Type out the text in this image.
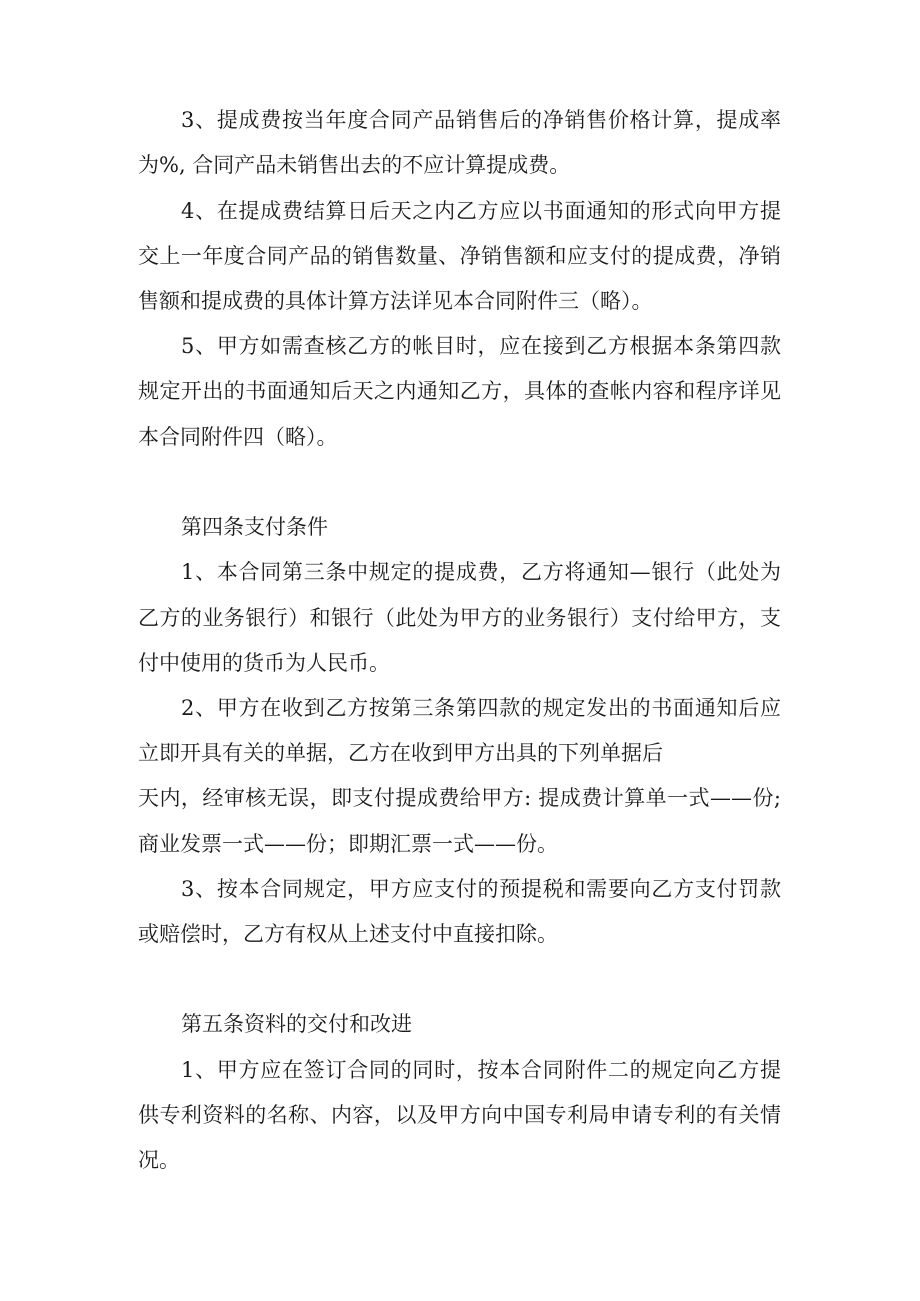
3、提成费按当年度合同产品销售后的净销售价格计算，提成率
为%, 合同产品未销售出去的不应计算提成费。
4、在提成费结算日后天之内乙方应以书面通知的形式向甲方提
交上一年度合同产品的销售数量、净销售额和应支付的提成费，净销
售额和提成费的具体计算方法详见本合同附件三（略）。
5、甲方如需查核乙方的帐目时，应在接到乙方根据本条第四款
规定开出的书面通知后天之内通知乙方，具体的查帐内容和程序详见
本合同附件四（略）。
第四条支付条件
1、本合同第三条中规定的提成费，乙方将通知—银行（此处为
乙方的业务银行）和银行（此处为甲方的业务银行）支付给甲方，支
付中使用的货币为人民币。
2、甲方在收到乙方按第三条第四款的规定发出的书面通知后应
立即开具有关的单据，乙方在收到甲方出具的下列单据后
天内，经审核无误，即支付提成费给甲方: 提成费计算单一式——份;
商业发票一式——份；即期汇票一式——份。
3、按本合同规定，甲方应支付的预提税和需要向乙方支付罚款
或赔偿时，乙方有权从上述支付中直接扣除。
第五条资料的交付和改进
1、甲方应在签订合同的同时，按本合同附件二的规定向乙方提
供专利资料的名称、内容，以及甲方向中国专利局申请专利的有关情
况。
